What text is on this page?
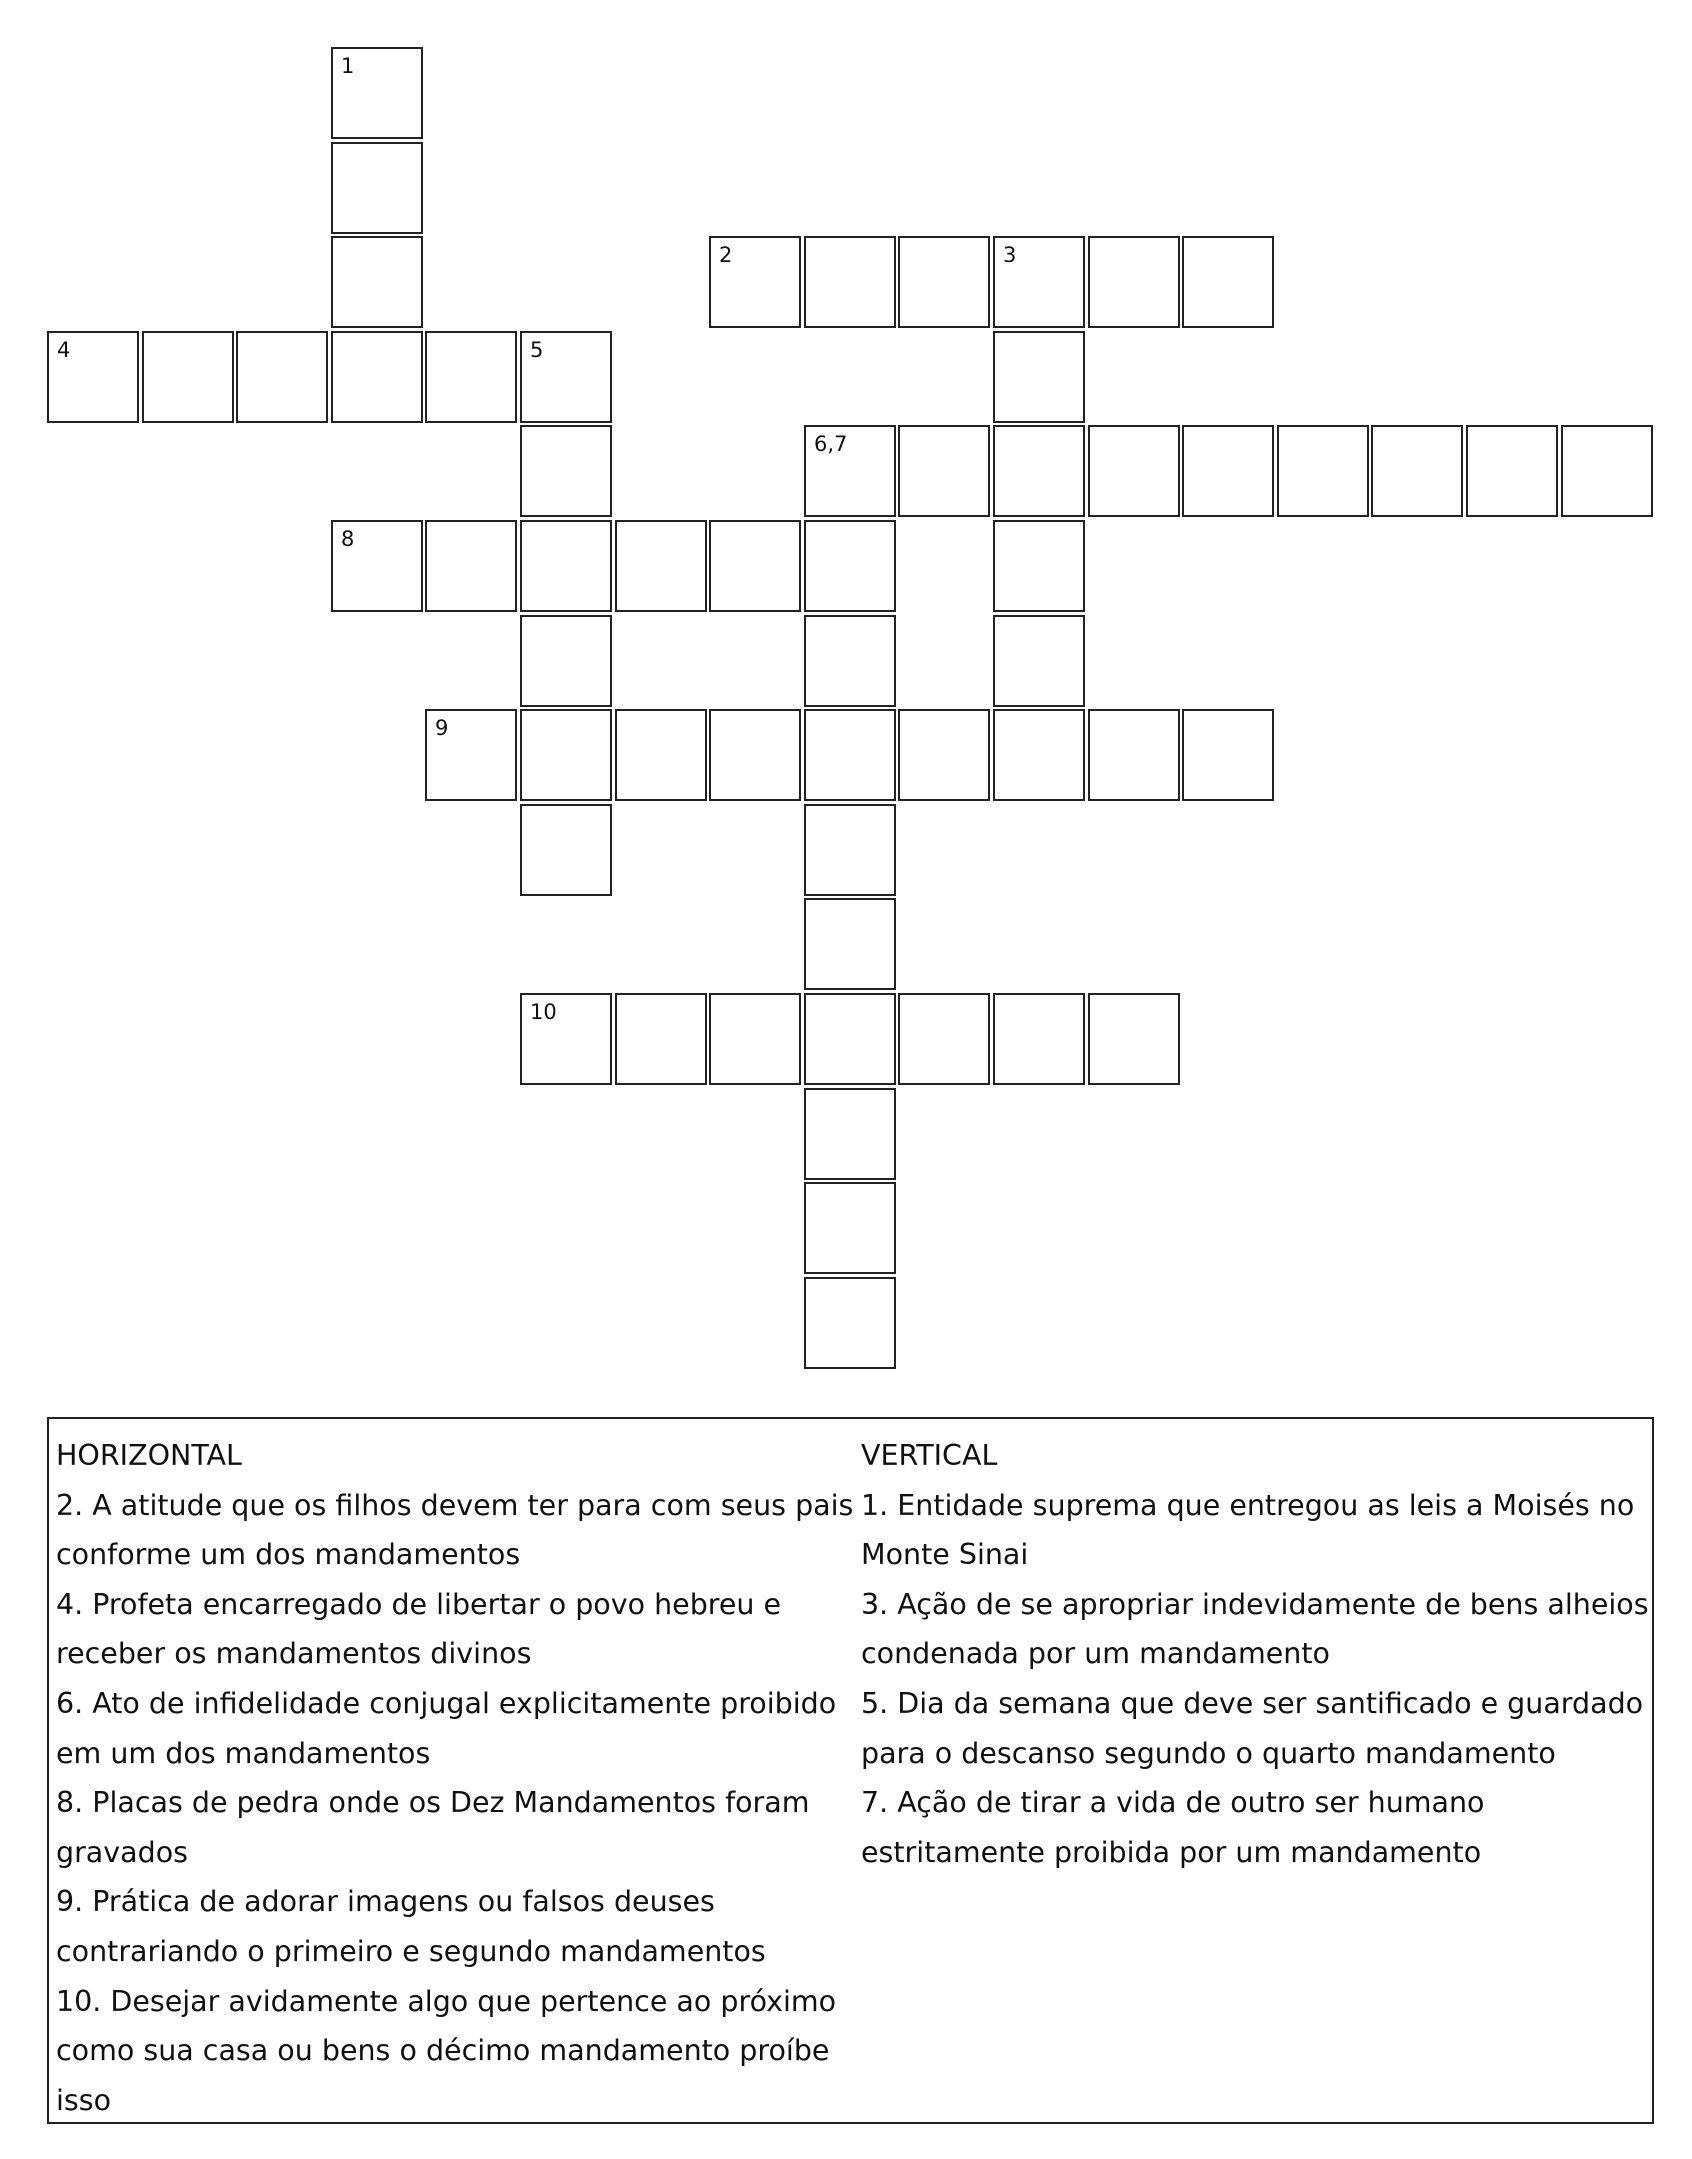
1
2	3
4	5
6,7
8
9
10
HORIZONTAL
2. A atitude que os filhos devem ter para com seus pais conforme um dos mandamentos
4. Profeta encarregado de libertar o povo hebreu e receber os mandamentos divinos
6. Ato de infidelidade conjugal explicitamente proibido em um dos mandamentos
8. Placas de pedra onde os Dez Mandamentos foram gravados
9. Prática de adorar imagens ou falsos deuses contrariando o primeiro e segundo mandamentos
10. Desejar avidamente algo que pertence ao próximo como sua casa ou bens o décimo mandamento proíbe isso
VERTICAL
1. Entidade suprema que entregou as leis a Moisés no Monte Sinai
3. Ação de se apropriar indevidamente de bens alheios condenada por um mandamento
5. Dia da semana que deve ser santificado e guardado para o descanso segundo o quarto mandamento
7. Ação de tirar a vida de outro ser humano estritamente proibida por um mandamento
